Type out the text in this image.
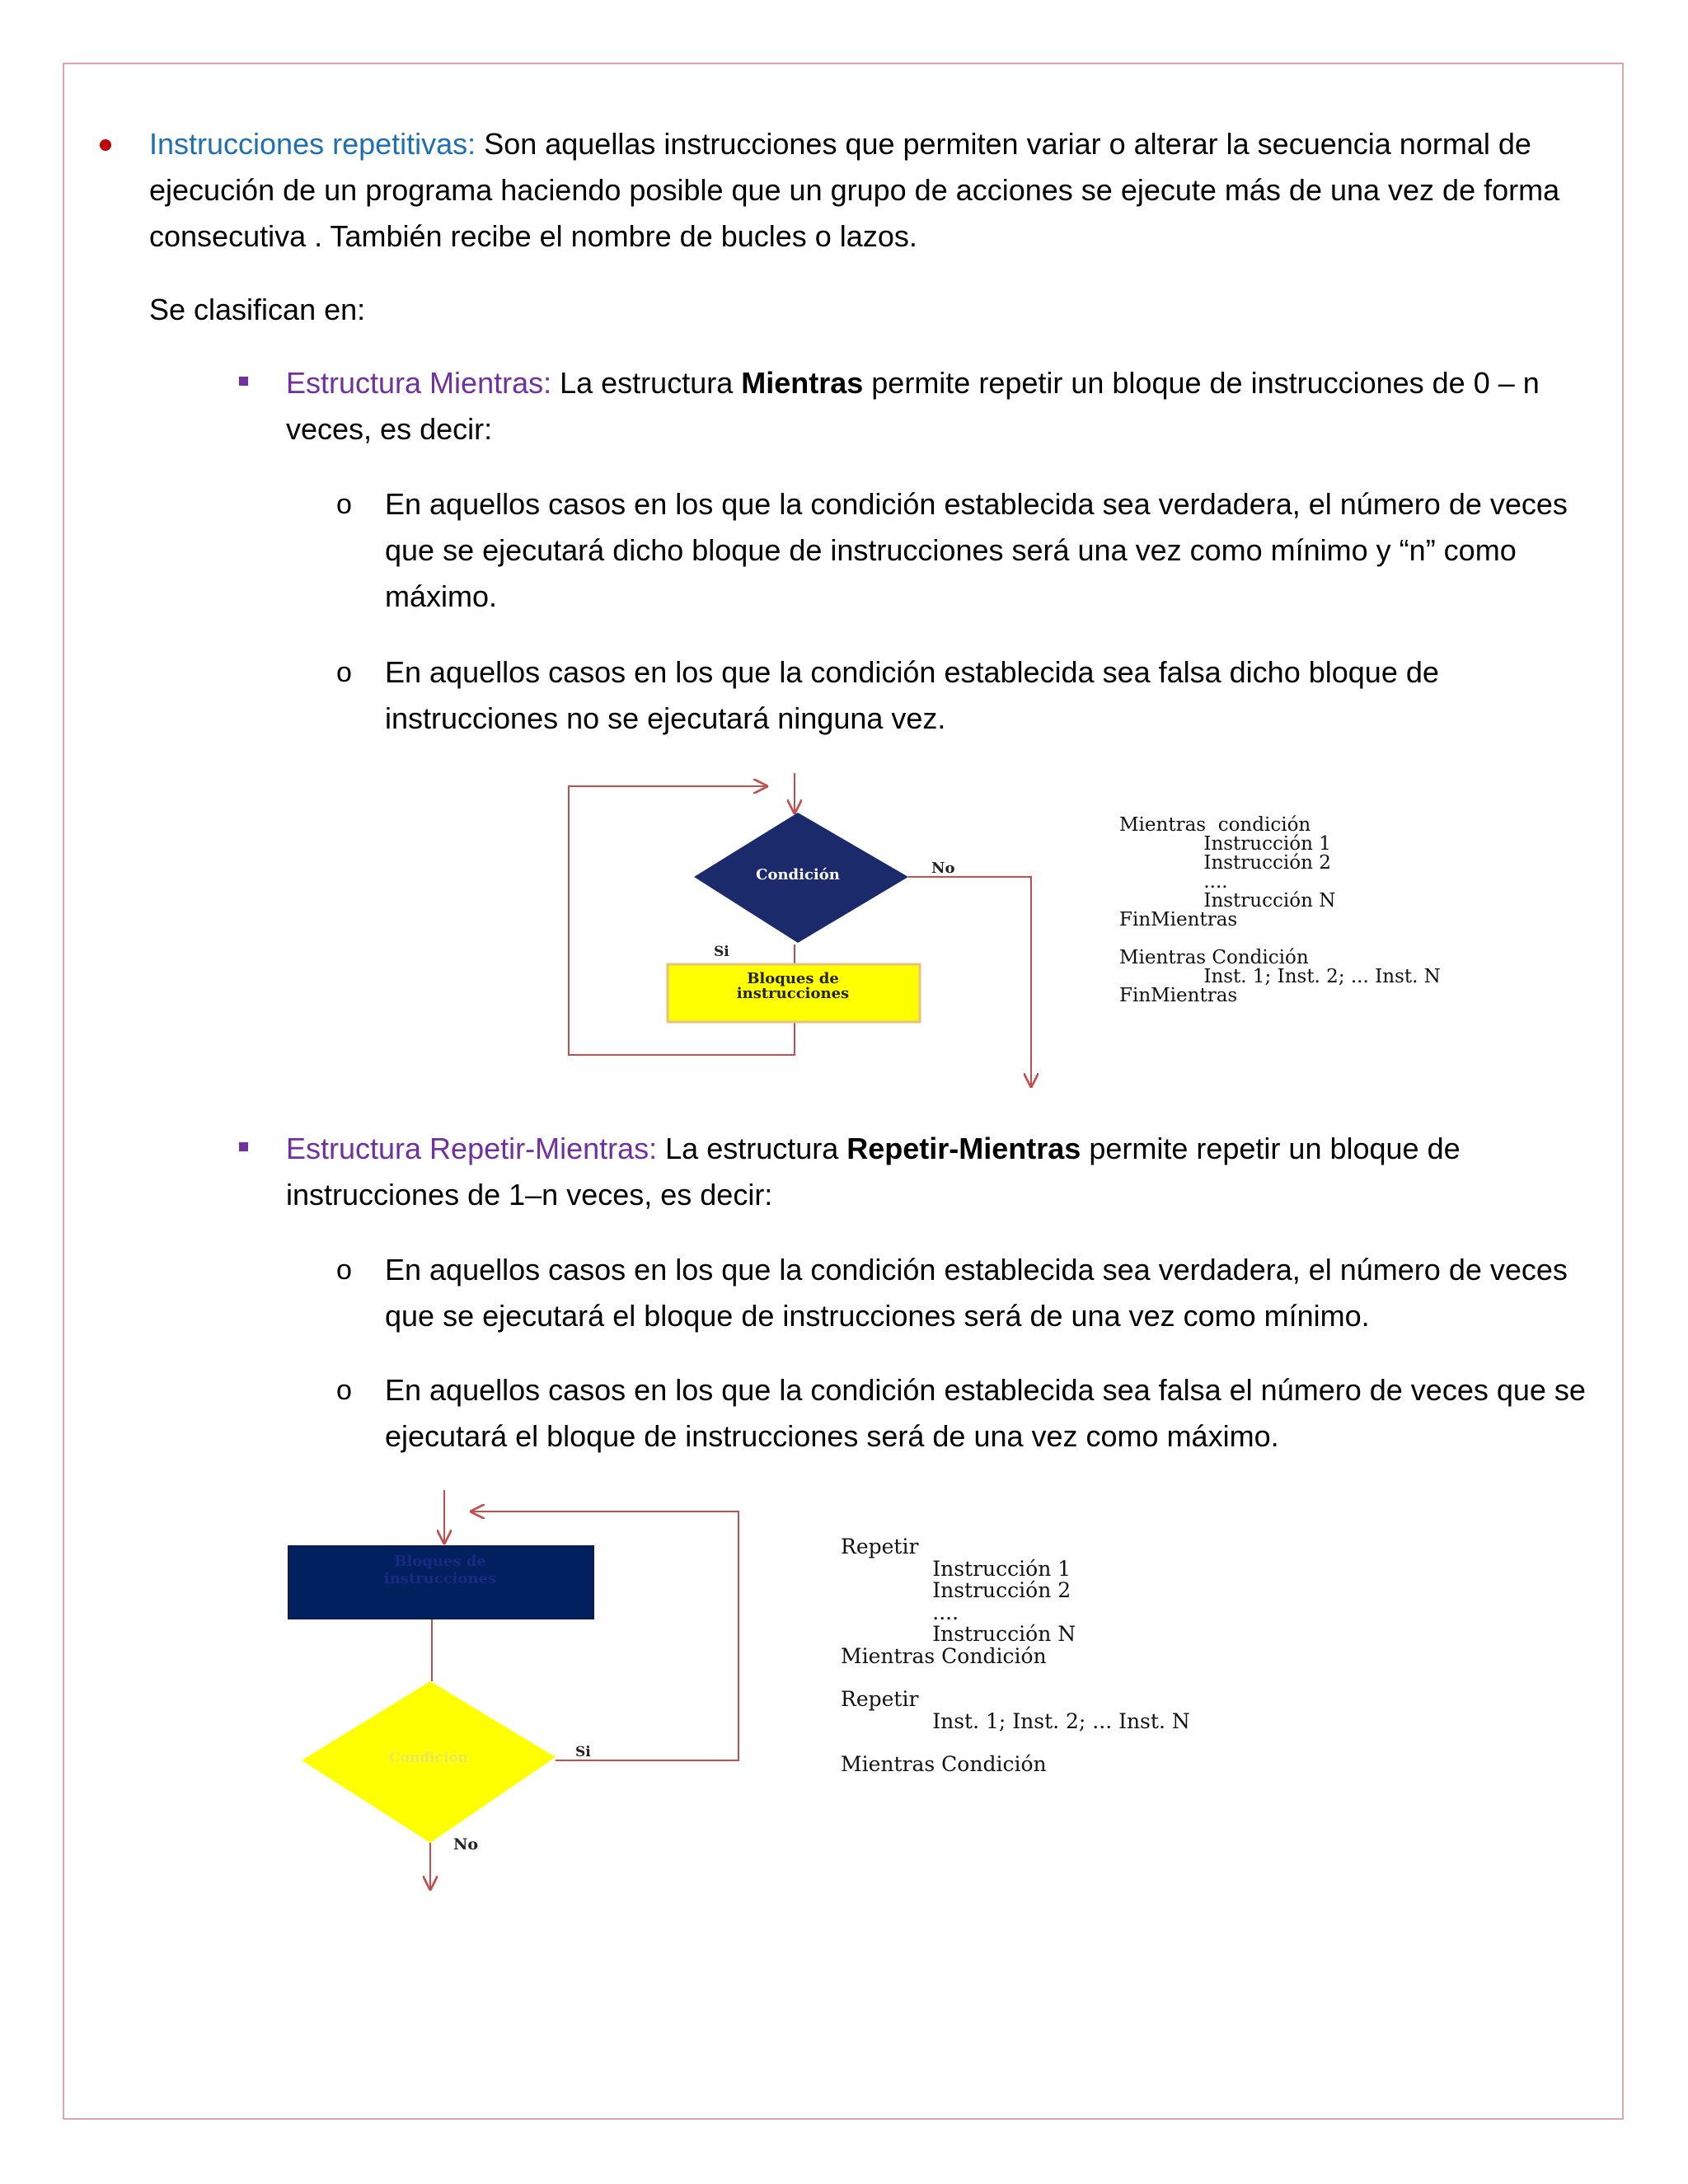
Instrucciones repetitivas: Son aquellas instrucciones que permiten variar o alterar la secuencia normal de

ejecución de un programa haciendo posible que un grupo de acciones se ejecute más de una vez de forma

consecutiva . También recibe el nombre de bucles o lazos.

Se clasifican en:

Estructura Mientras: La estructura Mientras permite repetir un bloque de instrucciones de 0 – n

veces, es decir:

o En aquellos casos en los que la condición establecida sea verdadera, el número de veces

que se ejecutará dicho bloque de instrucciones será una vez como mínimo y “n” como

máximo.

o En aquellos casos en los que la condición establecida sea falsa dicho bloque de

instrucciones no se ejecutará ninguna vez.

Condición	No
Si
Bloques de
instrucciones
Mientras  condición
Instrucción 1
Instrucción 2
....
Instrucción N
FinMientras
Mientras Condición
Inst. 1; Inst. 2; ... Inst. N
FinMientras

Estructura Repetir-Mientras: La estructura Repetir-Mientras permite repetir un bloque de

instrucciones de 1–n veces, es decir:

o En aquellos casos en los que la condición establecida sea verdadera, el número de veces

que se ejecutará el bloque de instrucciones será de una vez como mínimo.

o En aquellos casos en los que la condición establecida sea falsa el número de veces que se

ejecutará el bloque de instrucciones será de una vez como máximo.

Bloques de
instrucciones
Condición	Si
No
Repetir
Instrucción 1
Instrucción 2
....
Instrucción N
Mientras Condición
Repetir
Inst. 1; Inst. 2; ... Inst. N
Mientras Condición
